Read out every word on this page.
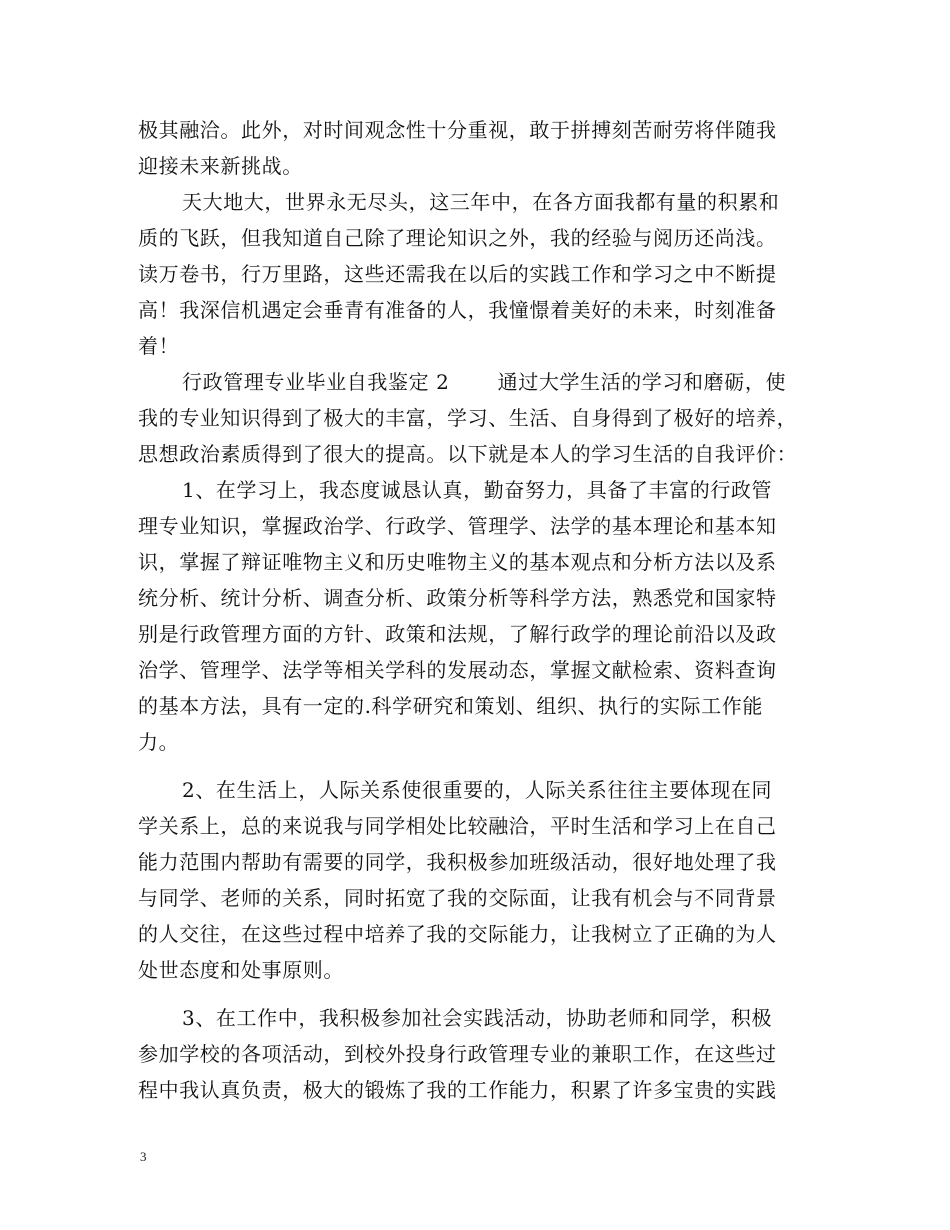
极其融洽。此外，对时间观念性十分重视，敢于拼搏刻苦耐劳将伴随我
迎接未来新挑战。
天大地大，世界永无尽头，这三年中，在各方面我都有量的积累和
质的飞跃，但我知道自己除了理论知识之外，我的经验与阅历还尚浅。
读万卷书，行万里路，这些还需我在以后的实践工作和学习之中不断提
高！我深信机遇定会垂青有准备的人，我憧憬着美好的未来，时刻准备
着！
行政管理专业毕业自我鉴定 2　　 通过大学生活的学习和磨砺，使
我的专业知识得到了极大的丰富，学习、生活、自身得到了极好的培养，
思想政治素质得到了很大的提高。以下就是本人的学习生活的自我评价：
1、在学习上，我态度诚恳认真，勤奋努力，具备了丰富的行政管
理专业知识，掌握政治学、行政学、管理学、法学的基本理论和基本知
识，掌握了辩证唯物主义和历史唯物主义的基本观点和分析方法以及系
统分析、统计分析、调查分析、政策分析等科学方法，熟悉党和国家特
别是行政管理方面的方针、政策和法规，了解行政学的理论前沿以及政
治学、管理学、法学等相关学科的发展动态，掌握文献检索、资料查询
的基本方法，具有一定的.科学研究和策划、组织、执行的实际工作能
力。
2、在生活上，人际关系使很重要的，人际关系往往主要体现在同
学关系上，总的来说我与同学相处比较融洽，平时生活和学习上在自己
能力范围内帮助有需要的同学，我积极参加班级活动，很好地处理了我
与同学、老师的关系，同时拓宽了我的交际面，让我有机会与不同背景
的人交往，在这些过程中培养了我的交际能力，让我树立了正确的为人
处世态度和处事原则。
3、在工作中，我积极参加社会实践活动，协助老师和同学，积极
参加学校的各项活动，到校外投身行政管理专业的兼职工作，在这些过
程中我认真负责，极大的锻炼了我的工作能力，积累了许多宝贵的实践
3
